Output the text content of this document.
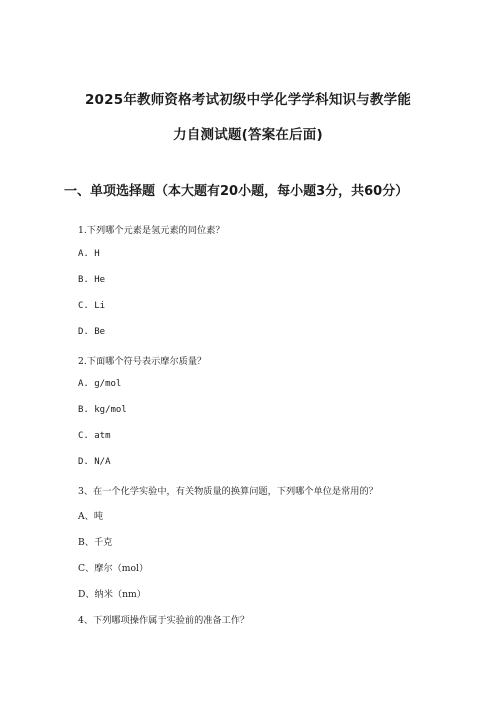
2025年教师资格考试初级中学化学学科知识与教学能
力自测试题(答案在后面)
一、单项选择题（本大题有20小题，每小题3分，共60分）
1.下列哪个元素是氢元素的同位素？
A. H
B. He
C. Li
D. Be
2.下面哪个符号表示摩尔质量？
A. g/mol
B. kg/mol
C. atm
D. N/A
3、在一个化学实验中，有关物质量的换算问题，下列哪个单位是常用的？
A、吨
B、千克
C、摩尔（mol）
D、纳米（nm）
4、下列哪项操作属于实验前的准备工作？
